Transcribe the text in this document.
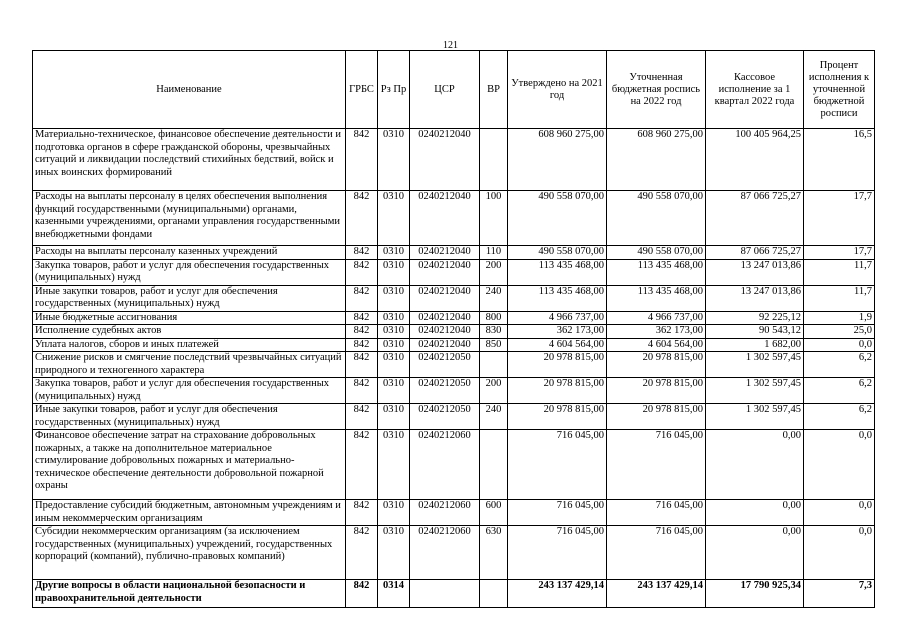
121
Наименование	ГРБС	Рз Пр	ЦСР	ВР	Утверждено на 2021 год	Уточненная бюджетная роспись на 2022 год	Кассовое исполнение за 1 квартал 2022 года	Процент исполнения к уточненной бюджетной росписи
Материально-техническое, финансовое обеспечение деятельности и подготовка органов в сфере гражданской обороны, чрезвычайных ситуаций и ликвидации последствий стихийных бедствий, войск и иных воинских формирований	842	0310	0240212040		608 960 275,00	608 960 275,00	100 405 964,25	16,5
Расходы на выплаты персоналу в целях обеспечения выполнения функций государственными (муниципальными) органами, казенными учреждениями, органами управления государственными внебюджетными фондами	842	0310	0240212040	100	490 558 070,00	490 558 070,00	87 066 725,27	17,7
Расходы на выплаты персоналу казенных учреждений	842	0310	0240212040	110	490 558 070,00	490 558 070,00	87 066 725,27	17,7
Закупка товаров, работ и услуг для обеспечения государственных (муниципальных) нужд	842	0310	0240212040	200	113 435 468,00	113 435 468,00	13 247 013,86	11,7
Иные закупки товаров, работ и услуг для обеспечения государственных (муниципальных) нужд	842	0310	0240212040	240	113 435 468,00	113 435 468,00	13 247 013,86	11,7
Иные бюджетные ассигнования	842	0310	0240212040	800	4 966 737,00	4 966 737,00	92 225,12	1,9
Исполнение судебных актов	842	0310	0240212040	830	362 173,00	362 173,00	90 543,12	25,0
Уплата налогов, сборов и иных платежей	842	0310	0240212040	850	4 604 564,00	4 604 564,00	1 682,00	0,0
Снижение рисков и смягчение последствий чрезвычайных ситуаций природного и техногенного характера	842	0310	0240212050		20 978 815,00	20 978 815,00	1 302 597,45	6,2
Закупка товаров, работ и услуг для обеспечения государственных (муниципальных) нужд	842	0310	0240212050	200	20 978 815,00	20 978 815,00	1 302 597,45	6,2
Иные закупки товаров, работ и услуг для обеспечения государственных (муниципальных) нужд	842	0310	0240212050	240	20 978 815,00	20 978 815,00	1 302 597,45	6,2
Финансовое обеспечение затрат на страхование добровольных пожарных, а также на дополнительное материальное стимулирование добровольных пожарных и материально-техническое обеспечение деятельности добровольной пожарной охраны	842	0310	0240212060		716 045,00	716 045,00	0,00	0,0
Предоставление субсидий бюджетным, автономным учреждениям и иным некоммерческим организациям	842	0310	0240212060	600	716 045,00	716 045,00	0,00	0,0
Субсидии некоммерческим организациям (за исключением государственных (муниципальных) учреждений, государственных корпораций (компаний), публично-правовых компаний)	842	0310	0240212060	630	716 045,00	716 045,00	0,00	0,0
Другие вопросы в области национальной безопасности и правоохранительной деятельности	842	0314			243 137 429,14	243 137 429,14	17 790 925,34	7,3
